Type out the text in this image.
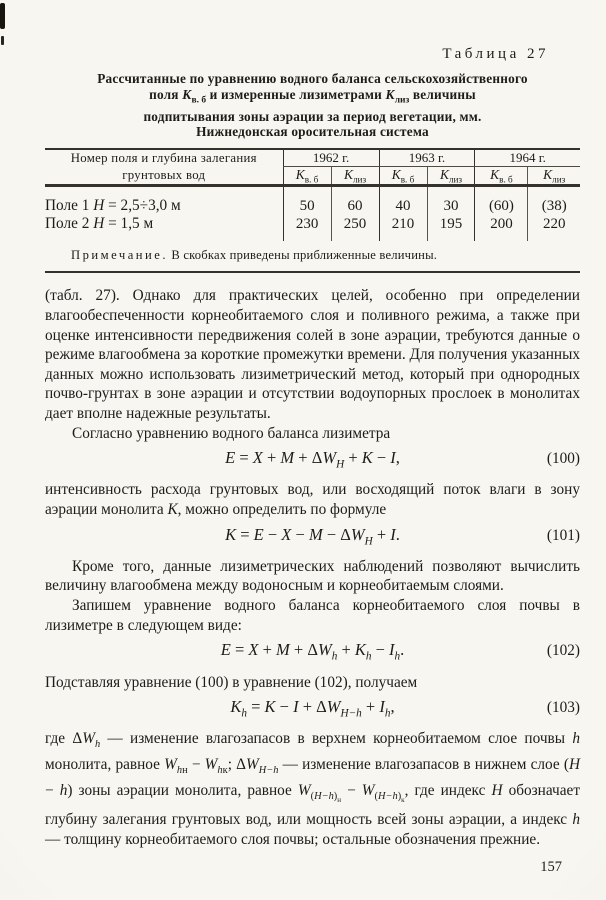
Таблица 27
Рассчитанные по уравнению водного баланса сельскохозяйственного
поля $К_{в. б}$ и измеренные лизиметрами $К_{лиз}$ величины
подпитывания зоны аэрации за период вегетации, мм.
Нижнедонская оросительная система
Номер поля и глубина залегания грунтовых вод	1962 г.		1963 г.		1964 г.	
	$К_{в. б}$	$К_{лиз}$	$К_{в. б}$	$К_{лиз}$	$К_{в. б}$	$К_{лиз}$
Поле 1 Н = 2,5÷3,0 м	50	60	40	30	(60)	(38)
Поле 2 Н = 1,5 м	230	250	210	195	200	220
Примечание. В скобках приведены приближенные величины.

(табл. 27). Однако для практических целей, особенно при определении влагообеспеченности корнеобитаемого слоя и поливного режима, а также при оценке интенсивности передвижения солей в зоне аэрации, требуются данные о режиме влагообмена за короткие промежутки времени. Для получения указанных данных можно использовать лизиметрический метод, который при однородных почво-грунтах в зоне аэрации и отсутствии водоупорных прослоек в монолитах дает вполне надежные результаты.

Согласно уравнению водного баланса лизиметра

$E = X + M + \Delta W_Н + К - I$,	(100)

интенсивность расхода грунтовых вод, или восходящий поток влаги в зону аэрации монолита К, можно определить по формуле

$К = E - X - M - \Delta W_Н + I$.	(101)

Кроме того, данные лизиметрических наблюдений позволяют вычислить величину влагообмена между водоносным и корнеобитаемым слоями.

Запишем уравнение водного баланса корнеобитаемого слоя почвы в лизиметре в следующем виде:

$E = X + M + \Delta W_h + К_h - I_h$.	(102)

Подставляя уравнение (100) в уравнение (102), получаем

$К_h = К - I + \Delta W_{Н-h} + I_h$,	(103)

где $\Delta W_h$ — изменение влагозапасов в верхнем корнеобитаемом слое почвы h монолита, равное $W_{hн} - W_{hк}$; $\Delta W_{Н-h}$ — изменение влагозапасов в нижнем слое (Н − h) зоны аэрации монолита, равное $W_{(Н-h)_н} - W_{(Н-h)_к}$, где индекс Н обозначает глубину залегания грунтовых вод, или мощность всей зоны аэрации, а индекс h — толщину корнеобитаемого слоя почвы; остальные обозначения прежние.

157
